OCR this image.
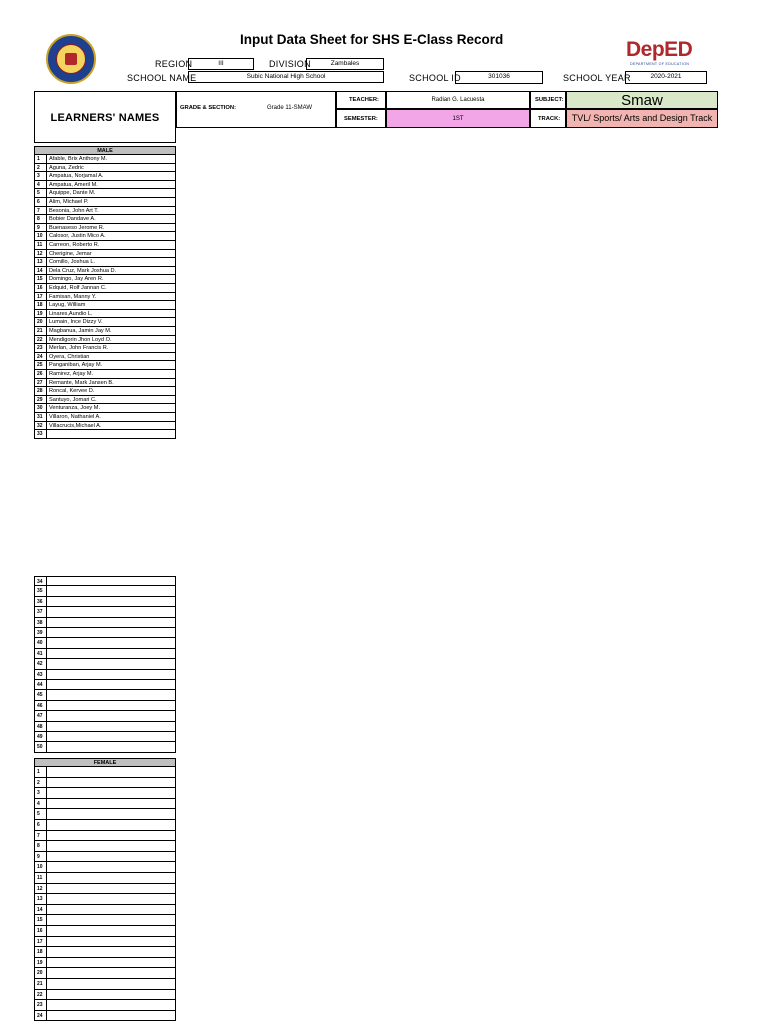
DepED
DEPARTMENT OF EDUCATION
Input Data Sheet for SHS E-Class Record
REGION	III	DIVISION	Zambales
SCHOOL NAME	Subic National High School	SCHOOL ID	301036	SCHOOL YEAR	2020-2021
LEARNERS' NAMES
GRADE & SECTION:	Grade 11-SMAW
TEACHER:	Radian G. Lacuesta	SUBJECT:	Smaw
SEMESTER:	1ST	TRACK:	TVL/ Sports/ Arts and Design Track
MALE
1	Afable, Brix Anthony M.
2	Aguna, Zedric
3	Ampatua, Norjamal A.
4	Ampatua, Ameril M.
5	Aquippe, Dante M.
6	Alim, Michael P.
7	Besonia, John Art T.
8	Bobier Dandave A.
9	Buenaseso Jerome R.
10	Calosor, Justin Mico A.
11	Carreon, Roberto R.
12	Cherigine, Jemar
13	Comillo, Joshua L.
14	Dela Cruz, Mark Joshua D.
15	Domingo, Jay Aren R.
16	Edquid, Rolf Jannan C.
17	Famisan, Manny Y.
18	Layug, William
19	Linares,Aundio L.
20	Lumain, Ince Dizzy V.
21	Magbanua, Jamin Jay M.
22	Mendigorin Jhon Loyd O.
23	Merlan, John Francis R.
24	Oyera, Christian
25	Panganiban, Arjay M.
26	Ramirez, Arjay M.
27	Remante, Mark Jansen B.
28	Roncal, Kervee D.
29	Santuyo, Jomari C.
30	Venturanza, Joey M.
31	Villaron, Nathaniel A.
32	Villacrucis,Michael A.
33
34
35
36
37
38
39
40
41
42
43
44
45
46
47
48
49
50
FEMALE
1
2
3
4
5
6
7
8
9
10
11
12
13
14
15
16
17
18
19
20
21
22
23
24
